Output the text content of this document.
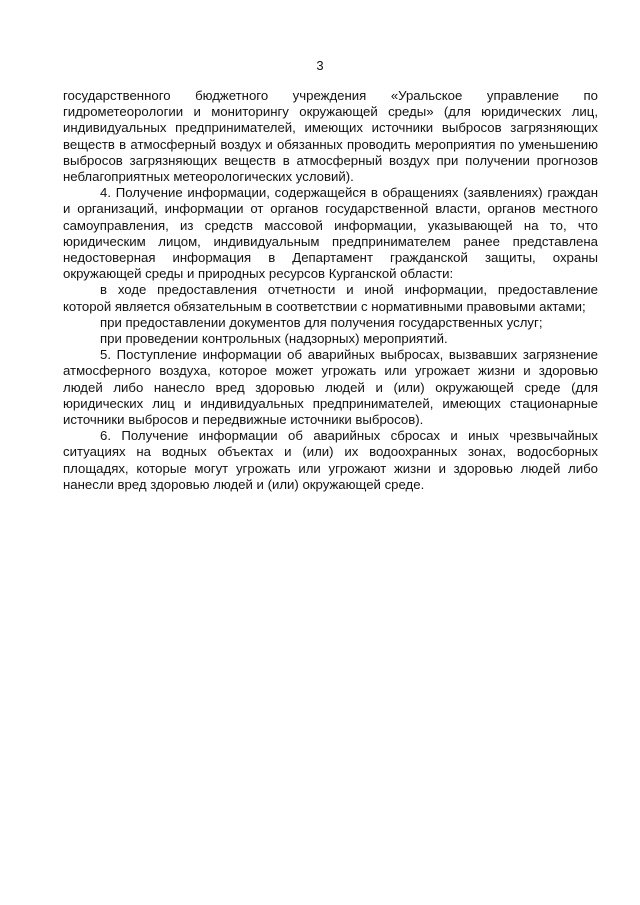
3

государственного бюджетного учреждения «Уральское управление по гидрометеорологии и мониторингу окружающей среды» (для юридических лиц, индивидуальных предпринимателей, имеющих источники выбросов загрязняющих веществ в атмосферный воздух и обязанных проводить мероприятия по уменьшению выбросов загрязняющих веществ в атмосферный воздух при получении прогнозов неблагоприятных метеорологических условий).

4. Получение информации, содержащейся в обращениях (заявлениях) граждан и организаций, информации от органов государственной власти, органов местного самоуправления, из средств массовой информации, указывающей на то, что юридическим лицом, индивидуальным предпринимателем ранее представлена недостоверная информация в Департамент гражданской защиты, охраны окружающей среды и природных ресурсов Курганской области:

в ходе предоставления отчетности и иной информации, предоставление которой является обязательным в соответствии с нормативными правовыми актами;

при предоставлении документов для получения государственных услуг;

при проведении контрольных (надзорных) мероприятий.

5. Поступление информации об аварийных выбросах, вызвавших загрязнение атмосферного воздуха, которое может угрожать или угрожает жизни и здоровью людей либо нанесло вред здоровью людей и (или) окружающей среде (для юридических лиц и индивидуальных предпринимателей, имеющих стационарные источники выбросов и передвижные источники выбросов).

6. Получение информации об аварийных сбросах и иных чрезвычайных ситуациях на водных объектах и (или) их водоохранных зонах, водосборных площадях, которые могут угрожать или угрожают жизни и здоровью людей либо нанесли вред здоровью людей и (или) окружающей среде.
